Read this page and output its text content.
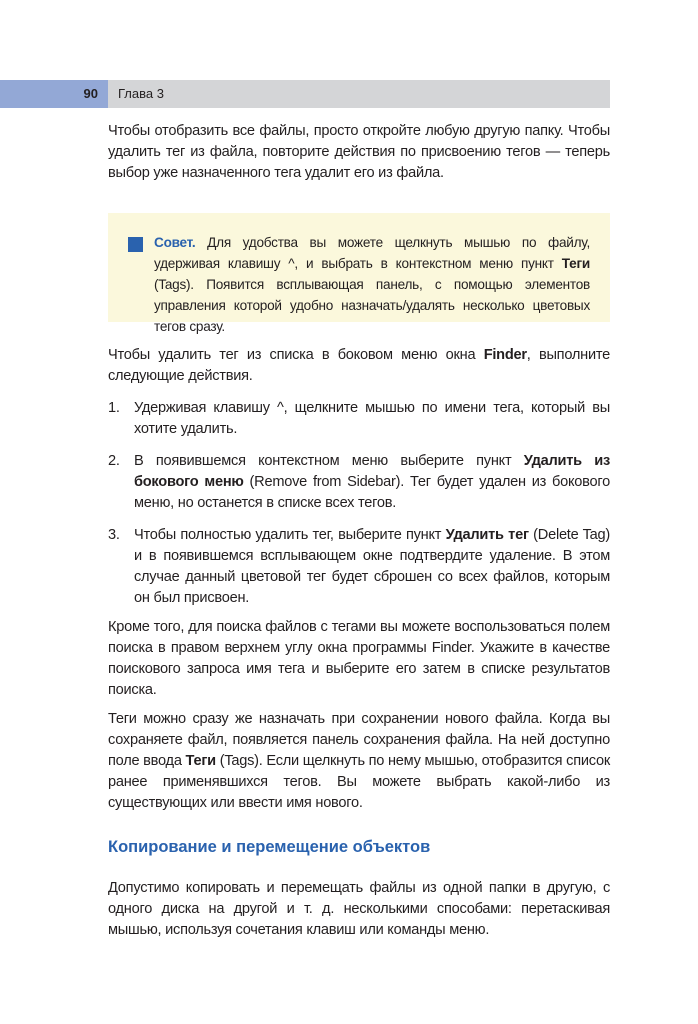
90 Глава 3

Чтобы отобразить все файлы, просто откройте любую другую папку. Чтобы удалить тег из файла, повторите действия по присвоению тегов — теперь выбор уже назначенного тега удалит его из файла.

Совет. Для удобства вы можете щелкнуть мышью по файлу, удерживая клавишу ^, и выбрать в контекстном меню пункт Теги (Tags). Появится всплывающая панель, с помощью элементов управления которой удобно назначать/удалять несколько цветовых тегов сразу.

Чтобы удалить тег из списка в боковом меню окна Finder, выполните следующие действия.

1. Удерживая клавишу ^, щелкните мышью по имени тега, который вы хотите удалить.
2. В появившемся контекстном меню выберите пункт Удалить из бокового меню (Remove from Sidebar). Тег будет удален из бокового меню, но останется в списке всех тегов.
3. Чтобы полностью удалить тег, выберите пункт Удалить тег (Delete Tag) и в появившемся всплывающем окне подтвердите удаление. В этом случае данный цветовой тег будет сброшен со всех файлов, которым он был присвоен.

Кроме того, для поиска файлов с тегами вы можете воспользоваться полем поиска в правом верхнем углу окна программы Finder. Укажите в качестве поискового запроса имя тега и выберите его затем в списке результатов поиска.

Теги можно сразу же назначать при сохранении нового файла. Когда вы сохраняете файл, появляется панель сохранения файла. На ней доступно поле ввода Теги (Tags). Если щелкнуть по нему мышью, отобразится список ранее применявшихся тегов. Вы можете выбрать какой-либо из существующих или ввести имя нового.

Копирование и перемещение объектов

Допустимо копировать и перемещать файлы из одной папки в другую, с одного диска на другой и т. д. несколькими способами: перетаскивая мышью, используя сочетания клавиш или команды меню.
